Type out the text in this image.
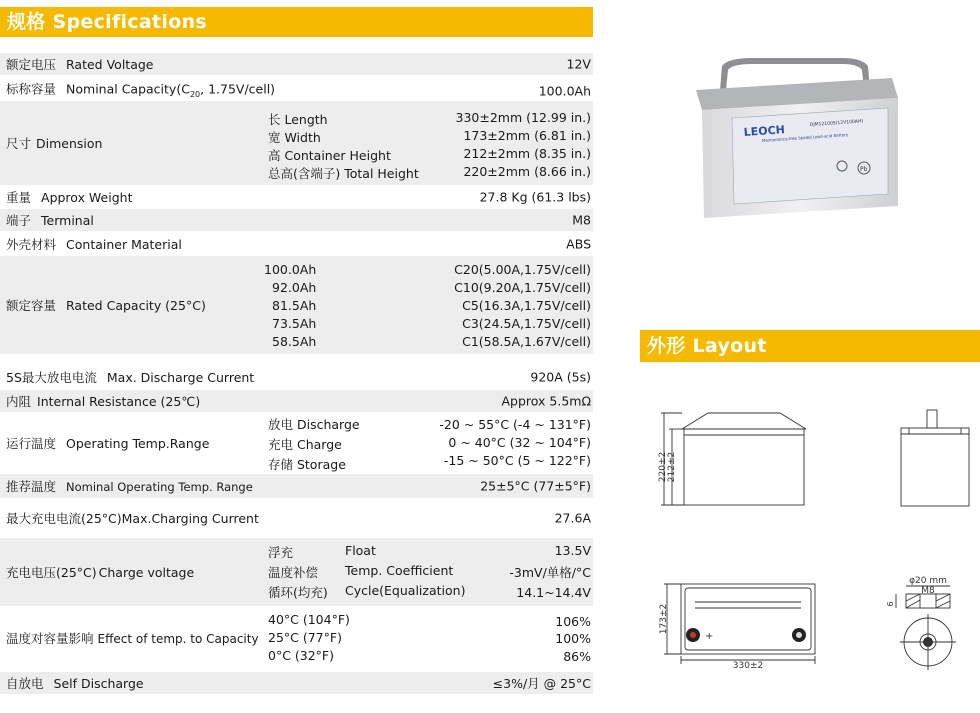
规格 Specifications
额定电压 Rated Voltage	12V
标称容量 Nominal $Capacity(C_{20}$, 1.75V/cell)	100.0Ah
尺寸 Dimension
长 Length	330±2mm (12.99 in.)
宽 Width	173±2mm (6.81 in.)
高 Container Height	212±2mm (8.35 in.)
总高(含端子) Total Height	220±2mm (8.66 in.)
重量 Approx Weight	27.8 Kg (61.3 lbs)
端子 Terminal	M8
外壳材料 Container Material	ABS
额定容量 Rated Capacity (25°C)
100.0Ah	C20(5.00A,1.75V/cell)
92.0Ah	C10(9.20A,1.75V/cell)
81.5Ah	C5(16.3A,1.75V/cell)
73.5Ah	C3(24.5A,1.75V/cell)
58.5Ah	C1(58.5A,1.67V/cell)
5S最大放电电流 Max. Discharge Current	920A (5s)
内阻 Internal Resistance (25℃)	Approx 5.5mΩ
运行温度 Operating Temp.Range
放电 Discharge	-20 ~ 55°C (-4 ~ 131°F)
充电 Charge	0 ~ 40°C (32 ~ 104°F)
存储 Storage	-15 ~ 50°C (5 ~ 122°F)
推荐温度 Nominal Operating Temp. Range	25±5°C (77±5°F)
最大充电电流(25°C)Max.Charging Current	27.6A
充电电压(25°C) Charge voltage
浮充	Float	13.5V
温度补偿 Temp. Coefficient	-3mV/单格/°C
循环(均充) Cycle(Equalization)	14.1~14.4V
温度对容量影响 Effect of temp. to Capacity
40°C (104°F)	106%
25°C (77°F)	100%
0°C (32°F)	86%
自放电 Self Discharge	≤3%/月 @ 25°C
LEOCH	DJM12100S(12V100AH)
Maintenance-free Sealed Lead-acid Battery
Pb
外形 Layout
220±2 212±2
+
173±2
330±2
φ20 mm
M8
6
